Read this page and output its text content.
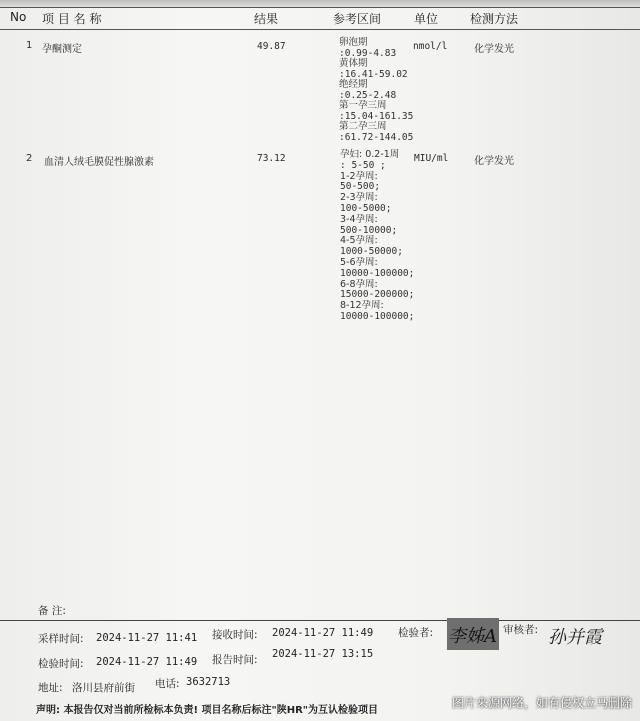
No 项 目 名 称	结果	参考区间	单位	检测方法
1 孕酮测定	49.87	卵泡期
:0.99-4.83
黄体期
:16.41-59.02
绝经期
:0.25-2.48
第一孕三周
:15.04-161.35
第二孕三周
:61.72-144.05
nmol/l	化学发光
2 血清人绒毛膜促性腺激素	73.12	孕妇: 0.2-1周
: 5-50 ;
1-2孕周:
50-500;
2-3孕周:
100-5000;
3-4孕周:
500-10000;
4-5孕周:
1000-50000;
5-6孕周:
10000-100000;
6-8孕周:
15000-200000;
8-12孕周:
10000-100000;
MIU/ml	化学发光
备 注:
采样时间: 2024-11-27 11:41 接收时间: 2024-11-27 11:49 检验者: 李姊A 审核者: 孙并霞
检验时间: 2024-11-27 11:49 报告时间: 2024-11-27 13:15
地址: 洛川县府前街 电话: 3632713
声明: 本报告仅对当前所检标本负责! 项目名称后标注"陕HR"为互认检验项目
图片来源网络，如有侵权立马删除
